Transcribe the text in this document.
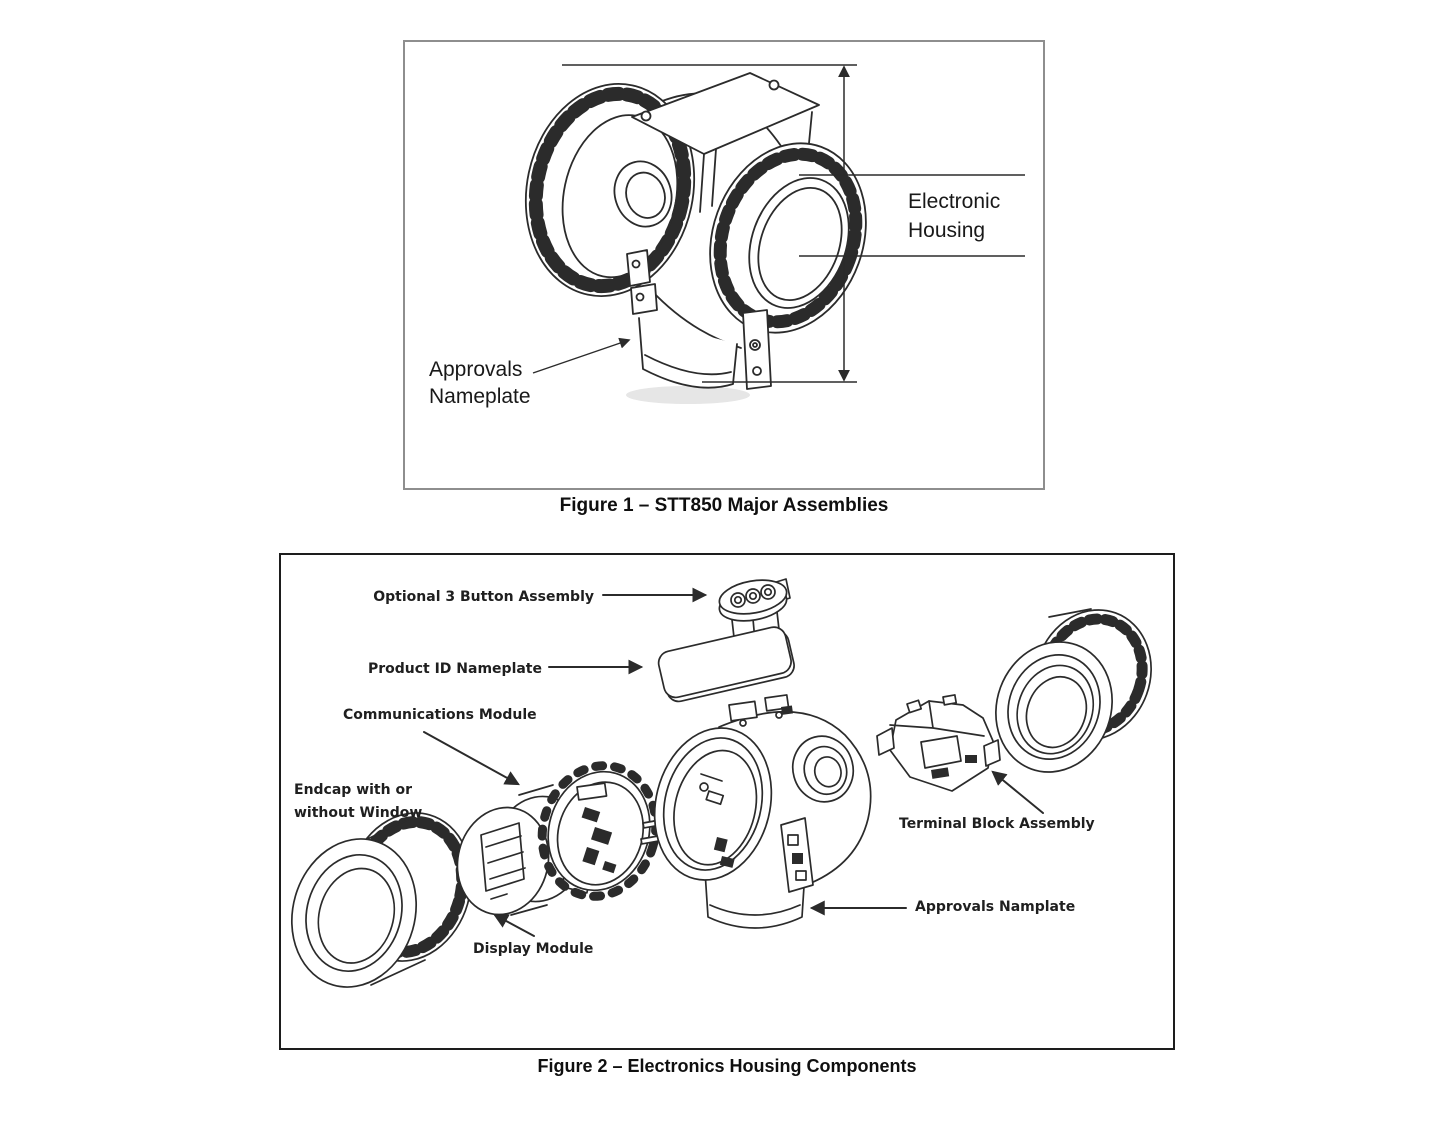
Electronic
Housing
Approvals
Nameplate
Figure 1 – STT850 Major Assemblies
Optional 3 Button Assembly
Product ID Nameplate
Communications Module
Endcap with or
without Window
Display Module
Terminal Block Assembly
Approvals Namplate
Figure 2 – Electronics Housing Components
